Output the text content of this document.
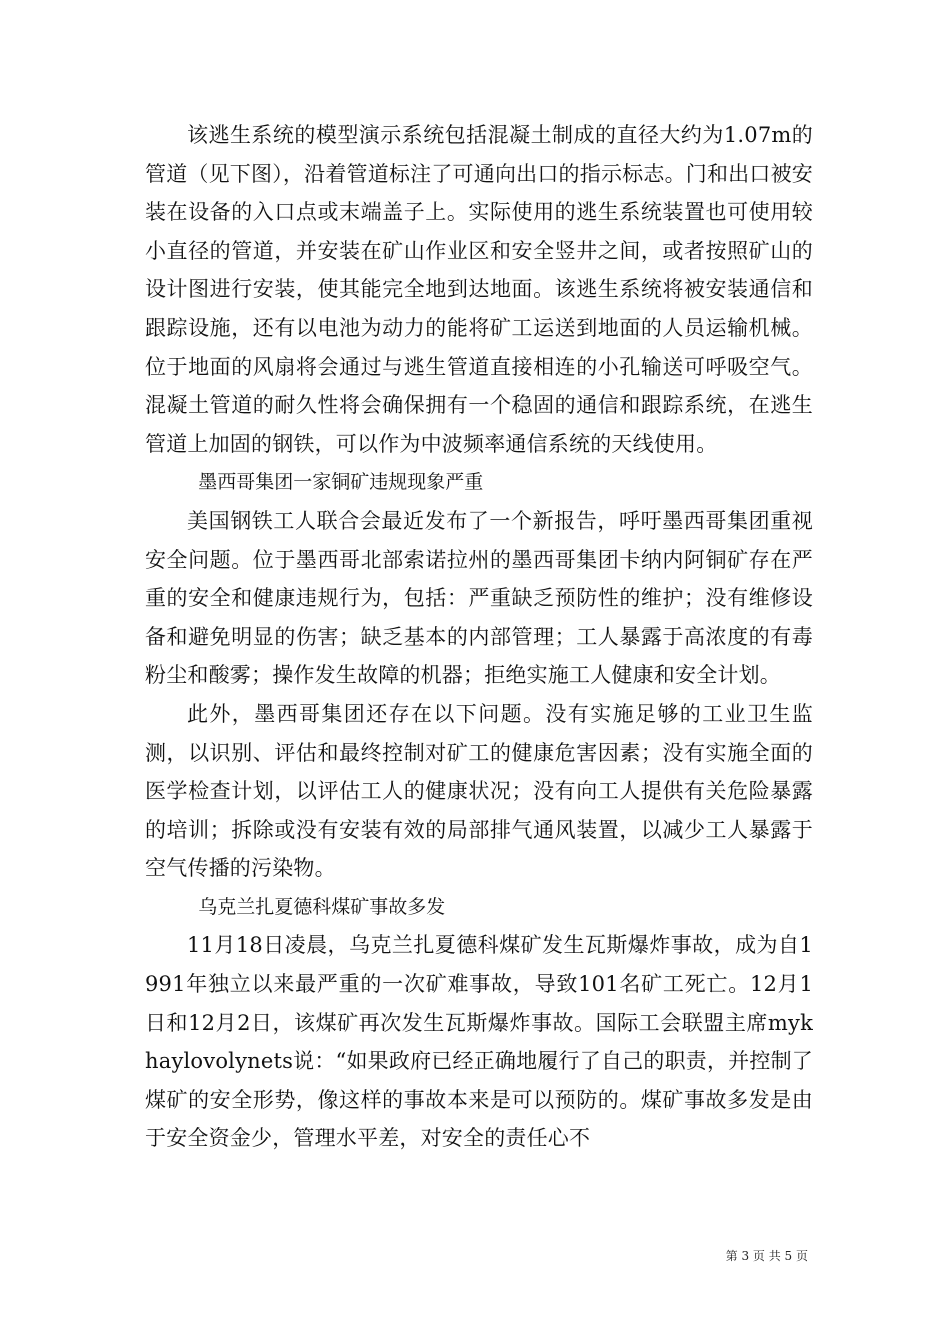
该逃生系统的模型演示系统包括混凝土制成的直径大约为1.07m的管道（见下图），沿着管道标注了可通向出口的指示标志。门和出口被安装在设备的入口点或末端盖子上。实际使用的逃生系统装置也可使用较小直径的管道，并安装在矿山作业区和安全竖井之间，或者按照矿山的设计图进行安装，使其能完全地到达地面。该逃生系统将被安装通信和跟踪设施，还有以电池为动力的能将矿工运送到地面的人员运输机械。位于地面的风扇将会通过与逃生管道直接相连的小孔输送可呼吸空气。混凝土管道的耐久性将会确保拥有一个稳固的通信和跟踪系统，在逃生管道上加固的钢铁，可以作为中波频率通信系统的天线使用。

墨西哥集团一家铜矿违规现象严重

美国钢铁工人联合会最近发布了一个新报告，呼吁墨西哥集团重视安全问题。位于墨西哥北部索诺拉州的墨西哥集团卡纳内阿铜矿存在严重的安全和健康违规行为，包括：严重缺乏预防性的维护；没有维修设备和避免明显的伤害；缺乏基本的内部管理；工人暴露于高浓度的有毒粉尘和酸雾；操作发生故障的机器；拒绝实施工人健康和安全计划。

此外，墨西哥集团还存在以下问题。没有实施足够的工业卫生监测，以识别、评估和最终控制对矿工的健康危害因素；没有实施全面的医学检查计划，以评估工人的健康状况；没有向工人提供有关危险暴露的培训；拆除或没有安装有效的局部排气通风装置，以减少工人暴露于空气传播的污染物。

乌克兰扎夏德科煤矿事故多发

11月18日凌晨，乌克兰扎夏德科煤矿发生瓦斯爆炸事故，成为自1991年独立以来最严重的一次矿难事故，导致101名矿工死亡。12月1日和12月2日，该煤矿再次发生瓦斯爆炸事故。国际工会联盟主席mykhaylovolynets说：“如果政府已经正确地履行了自己的职责，并控制了煤矿的安全形势，像这样的事故本来是可以预防的。煤矿事故多发是由于安全资金少，管理水平差，对安全的责任心不

第 3 页 共 5 页
